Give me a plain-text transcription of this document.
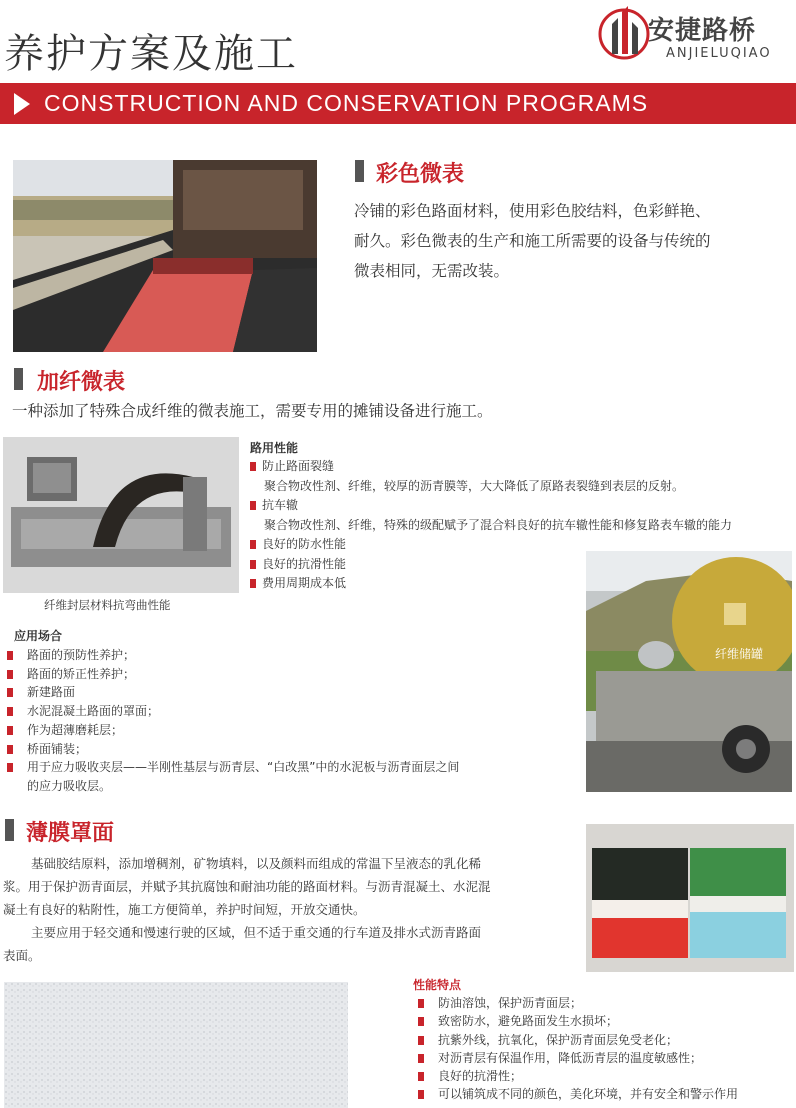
养护方案及施工	安捷路桥
ANJIELUQIAO
CONSTRUCTION AND CONSERVATION PROGRAMS
彩色微表
冷铺的彩色路面材料，使用彩色胶结料，色彩鲜艳、
耐久。彩色微表的生产和施工所需要的设备与传统的
微表相同，无需改装。
加纤微表
一种添加了特殊合成纤维的微表施工，需要专用的摊铺设备进行施工。
纤维封层材料抗弯曲性能
路用性能
防止路面裂缝
聚合物改性剂、纤维，较厚的沥青膜等，大大降低了原路表裂缝到表层的反射。
抗车辙
聚合物改性剂、纤维，特殊的级配赋予了混合料良好的抗车辙性能和修复路表车辙的能力
良好的防水性能
良好的抗滑性能
费用周期成本低
纤维储罐
应用场合
路面的预防性养护；
路面的矫正性养护；
新建路面
水泥混凝土路面的罩面；
作为超薄磨耗层；
桥面铺装；
用于应力吸收夹层——半刚性基层与沥青层、“白改黑”中的水泥板与沥青面层之间
的应力吸收层。
薄膜罩面
基础胶结原料，添加增稠剂，矿物填料，以及颜料而组成的常温下呈液态的乳化稀
浆。用于保护沥青面层，并赋予其抗腐蚀和耐油功能的路面材料。与沥青混凝土、水泥混
凝土有良好的粘附性，施工方便简单，养护时间短，开放交通快。
主要应用于轻交通和慢速行驶的区域，但不适于重交通的行车道及排水式沥青路面
表面。
性能特点
防油溶蚀，保护沥青面层；
致密防水，避免路面发生水损坏；
抗紫外线，抗氧化，保护沥青面层免受老化；
对沥青层有保温作用，降低沥青层的温度敏感性；
良好的抗滑性；
可以铺筑成不同的颜色，美化环境，并有安全和警示作用
